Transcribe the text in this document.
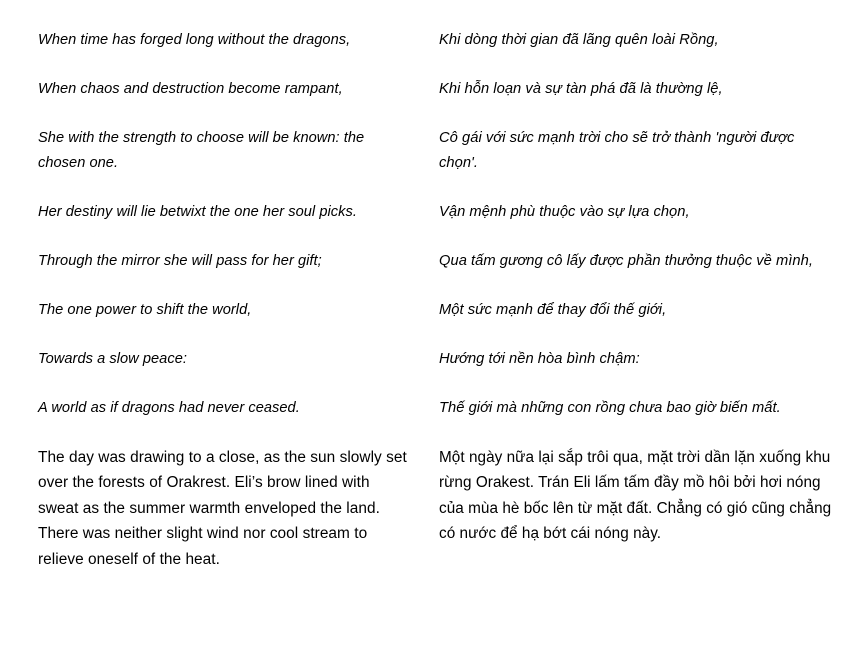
When time has forged long without the dragons,

When chaos and destruction become rampant,

She with the strength to choose will be known: the chosen one.

Her destiny will lie betwixt the one her soul picks.

Through the mirror she will pass for her gift;

The one power to shift the world,

Towards a slow peace:

A world as if dragons had never ceased.

The day was drawing to a close, as the sun slowly set over the forests of Orakrest. Eli’s brow lined with sweat as the summer warmth enveloped the land. There was neither slight wind nor cool stream to relieve oneself of the heat.

Khi dòng thời gian đã lãng quên loài Rồng,

Khi hỗn loạn và sự tàn phá đã là thường lệ,

Cô gái với sức mạnh trời cho sẽ trở thành 'người được chọn'.

Vận mệnh phù thuộc vào sự lựa chọn,

Qua tấm gương cô lấy được phần thưởng thuộc về mình,

Một sức mạnh để thay đổi thế giới,

Hướng tới nền hòa bình chậm:

Thế giới mà những con rồng chưa bao giờ biến mất.

Một ngày nữa lại sắp trôi qua, mặt trời dần lặn xuống khu rừng Orakest. Trán Eli lấm tấm đầy mồ hôi bởi hơi nóng của mùa hè bốc lên từ mặt đất. Chẳng có gió cũng chẳng có nước để hạ bớt cái nóng này.
